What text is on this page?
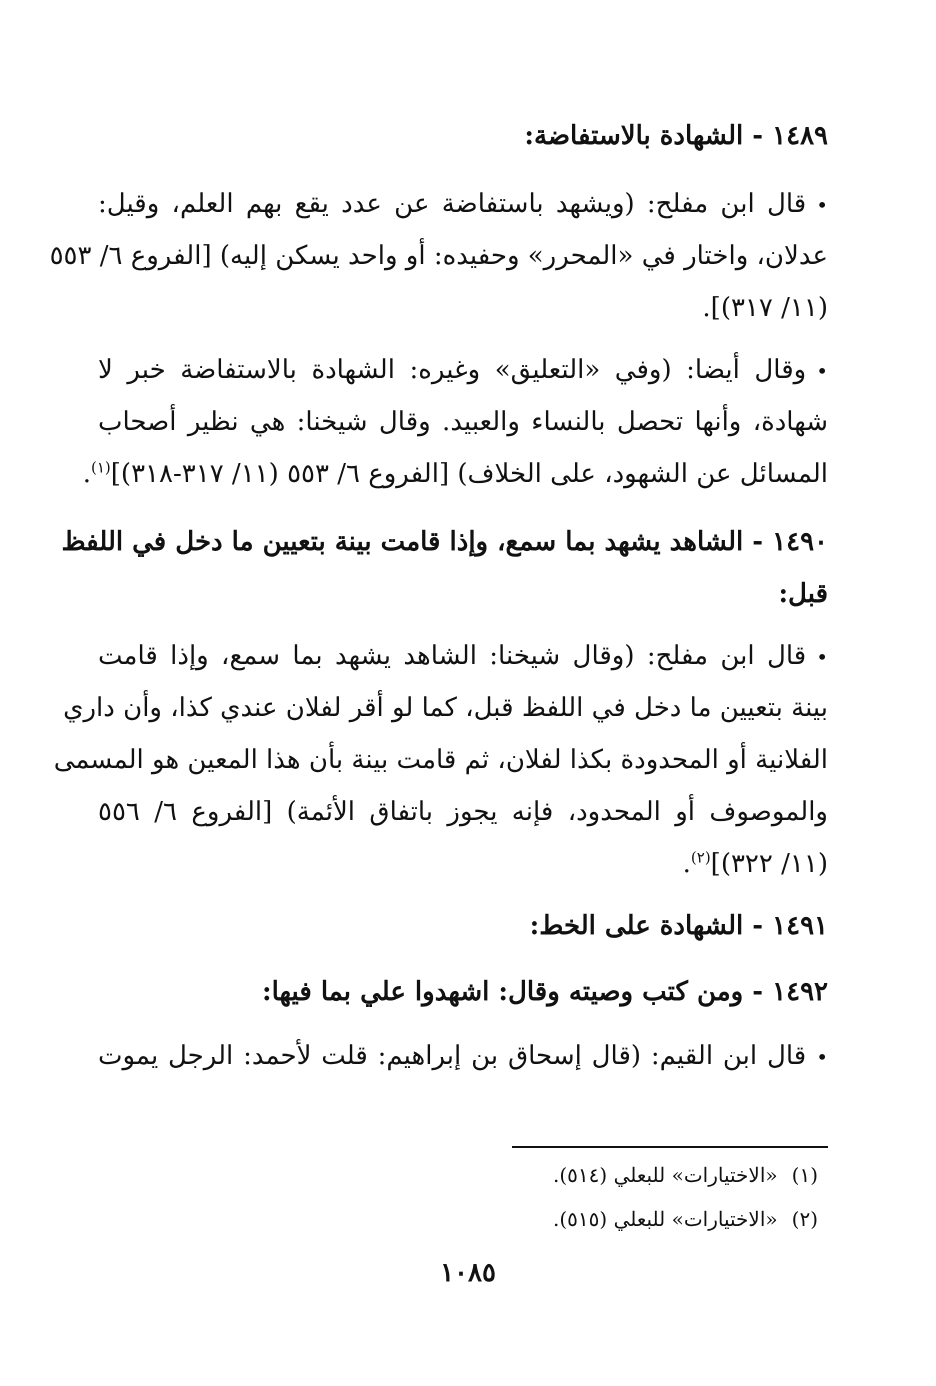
١٤٨٩ - الشهادة بالاستفاضة:
•قال ابن مفلح: (ويشهد باستفاضة عن عدد يقع بهم العلم، وقيل:
عدلان، واختار في «المحرر» وحفيده: أو واحد يسكن إليه) [الفروع ٦/ ٥٥٣
(١١/ ٣١٧)].
•وقال أيضا: (وفي «التعليق» وغيره: الشهادة بالاستفاضة خبر لا
شهادة، وأنها تحصل بالنساء والعبيد. وقال شيخنا: هي نظير أصحاب
المسائل عن الشهود، على الخلاف) [الفروع ٦/ ٥٥٣ (١١/ ٣١٧-٣١٨)]$^{(١)}$.
١٤٩٠ - الشاهد يشهد بما سمع، وإذا قامت بينة بتعيين ما دخل في اللفظ
قبل:
•قال ابن مفلح: (وقال شيخنا: الشاهد يشهد بما سمع، وإذا قامت
بينة بتعيين ما دخل في اللفظ قبل، كما لو أقر لفلان عندي كذا، وأن داري
الفلانية أو المحدودة بكذا لفلان، ثم قامت بينة بأن هذا المعين هو المسمى
والموصوف أو المحدود، فإنه يجوز باتفاق الأئمة) [الفروع ٦/ ٥٥٦
(١١/ ٣٢٢)]$^{(٢)}$.
١٤٩١ - الشهادة على الخط:
١٤٩٢ - ومن كتب وصيته وقال: اشهدوا علي بما فيها:
•قال ابن القيم: (قال إسحاق بن إبراهيم: قلت لأحمد: الرجل يموت
(١)«الاختيارات» للبعلي (٥١٤).
(٢)«الاختيارات» للبعلي (٥١٥).
١٠٨٥
